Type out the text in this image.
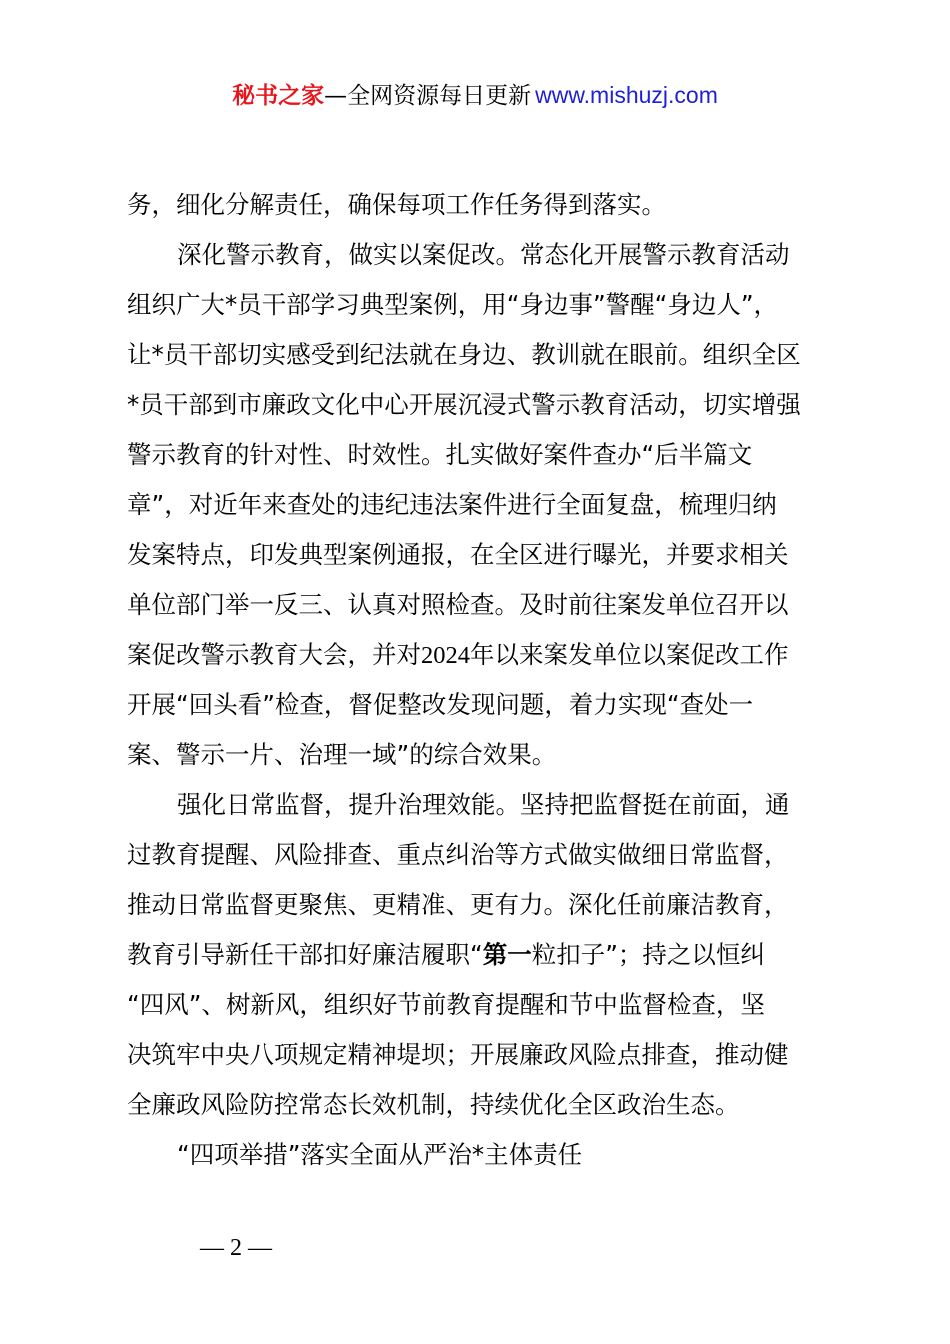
秘书之家—全网资源每日更新 www.mishuzj.com
务，细化分解责任，确保每项工作任务得到落实。
深化警示教育，做实以案促改。常态化开展警示教育活动
组织广大*员干部学习典型案例，用“身边事”警醒“身边人”，
让*员干部切实感受到纪法就在身边、教训就在眼前。组织全区
*员干部到市廉政文化中心开展沉浸式警示教育活动，切实增强
警示教育的针对性、时效性。扎实做好案件查办“后半篇文
章”，对近年来查处的违纪违法案件进行全面复盘，梳理归纳
发案特点，印发典型案例通报，在全区进行曝光，并要求相关
单位部门举一反三、认真对照检查。及时前往案发单位召开以
案促改警示教育大会，并对2024年以来案发单位以案促改工作
开展“回头看”检查，督促整改发现问题，着力实现“查处一
案、警示一片、治理一域”的综合效果。
强化日常监督，提升治理效能。坚持把监督挺在前面，通
过教育提醒、风险排查、重点纠治等方式做实做细日常监督，
推动日常监督更聚焦、更精准、更有力。深化任前廉洁教育，
教育引导新任干部扣好廉洁履职“第一粒扣子”；持之以恒纠
“四风”、树新风，组织好节前教育提醒和节中监督检查，坚
决筑牢中央八项规定精神堤坝；开展廉政风险点排查，推动健
全廉政风险防控常态长效机制，持续优化全区政治生态。
“四项举措”落实全面从严治*主体责任
— 2 —
